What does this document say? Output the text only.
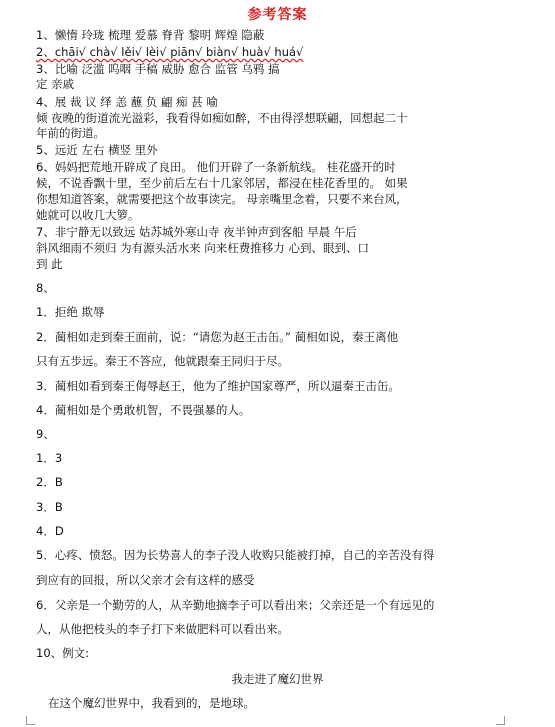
参考答案
1、懒惰 玲珑 梳理 爱慕 脊背 黎明 辉煌 隐蔽
2、chāi√ chà√ lěi√ lèi√ piān√ biàn√ huà√ huá√
3、比喻 泛滥 呜咽 手稿 威胁 愈合 监管 乌鸦 搞
定 亲戚
4、展 裁 议 绎 恙 蘸 负 翩 痴 甚 喻
倾 夜晚的街道流光溢彩，我看得如痴如醉，不由得浮想联翩，回想起二十
年前的街道。
5、远近 左右 横竖 里外
6、妈妈把荒地开辟成了良田。 他们开辟了一条新航线。 桂花盛开的时
候，不说香飘十里，至少前后左右十几家邻居，都浸在桂花香里的。 如果
你想知道答案，就需要把这个故事读完。 母亲嘴里念着，只要不来台风，
她就可以收几大箩。
7、非宁静无以致远 姑苏城外寒山寺 夜半钟声到客船 早晨 午后
斜风细雨不须归 为有源头活水来 向来枉费推移力 心到、眼到、口
到 此
8、
1．拒绝 欺辱
2．蔺相如走到秦王面前，说：“请您为赵王击缶。” 蔺相如说，秦王离他
只有五步远。秦王不答应，他就跟秦王同归于尽。
3．蔺相如看到秦王侮辱赵王，他为了维护国家尊严，所以逼秦王击缶。
4．蔺相如是个勇敢机智，不畏强暴的人。
9、
1．3
2．B
3．B
4．D
5．心疼、愤怒。因为长势喜人的李子没人收购只能被打掉，自己的辛苦没有得
到应有的回报，所以父亲才会有这样的感受
6．父亲是一个勤劳的人，从辛勤地摘李子可以看出来；父亲还是一个有远见的
人，从他把枝头的李子打下来做肥料可以看出来。
10、例文:
我走进了魔幻世界
在这个魔幻世界中，我看到的，是地球。
